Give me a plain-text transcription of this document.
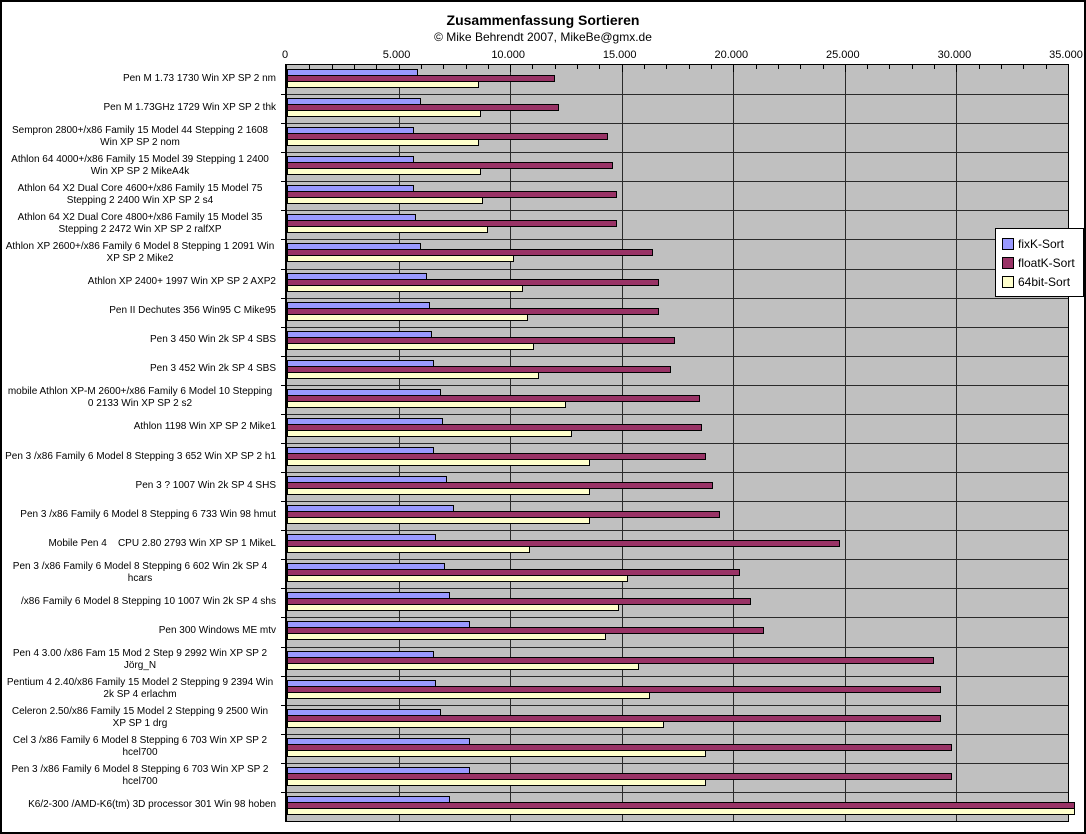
Zusammenfassung Sortieren
© Mike Behrendt 2007, MikeBe@gmx.de
0	5.000	10.000	15.000	20.000	25.000	30.000	35.000
Pen M 1.73 1730 Win XP SP 2 nm
Pen M 1.73GHz 1729 Win XP SP 2 thk
Sempron 2800+/x86 Family 15 Model 44 Stepping 2 1608 Win XP SP 2 nom
Athlon 64 4000+/x86 Family 15 Model 39 Stepping 1 2400 Win XP SP 2 MikeA4k
Athlon 64 X2 Dual Core 4600+/x86 Family 15 Model 75 Stepping 2 2400 Win XP SP 2 s4
Athlon 64 X2 Dual Core 4800+/x86 Family 15 Model 35 Stepping 2 2472 Win XP SP 2 ralfXP
Athlon XP 2600+/x86 Family 6 Model 8 Stepping 1 2091 Win XP SP 2 Mike2
Athlon XP 2400+ 1997 Win XP SP 2 AXP2
Pen II Dechutes 356 Win95 C Mike95
Pen 3 450 Win 2k SP 4 SBS
Pen 3 452 Win 2k SP 4 SBS
mobile Athlon XP-M 2600+/x86 Family 6 Model 10 Stepping 0 2133 Win XP SP 2 s2
Athlon 1198 Win XP SP 2 Mike1
Pen 3 /x86 Family 6 Model 8 Stepping 3 652 Win XP SP 2 h1
Pen 3 ? 1007 Win 2k SP 4 SHS
Pen 3 /x86 Family 6 Model 8 Stepping 6 733 Win 98 hmut
Mobile Pen 4    CPU 2.80 2793 Win XP SP 1 MikeL
Pen 3 /x86 Family 6 Model 8 Stepping 6 602 Win 2k SP 4 hcars
/x86 Family 6 Model 8 Stepping 10 1007 Win 2k SP 4 shs
Pen 300 Windows ME mtv
Pen 4 3.00 /x86 Fam 15 Mod 2 Step 9 2992 Win XP SP 2 Jörg_N
Pentium 4 2.40/x86 Family 15 Model 2 Stepping 9 2394 Win 2k SP 4 erlachm
Celeron 2.50/x86 Family 15 Model 2 Stepping 9 2500 Win XP SP 1 drg
Cel 3 /x86 Family 6 Model 8 Stepping 6 703 Win XP SP 2 hcel700
Pen 3 /x86 Family 6 Model 8 Stepping 6 703 Win XP SP 2 hcel700
K6/2-300 /AMD-K6(tm) 3D processor 301 Win 98 hoben
fixK-Sort
floatK-Sort
64bit-Sort
